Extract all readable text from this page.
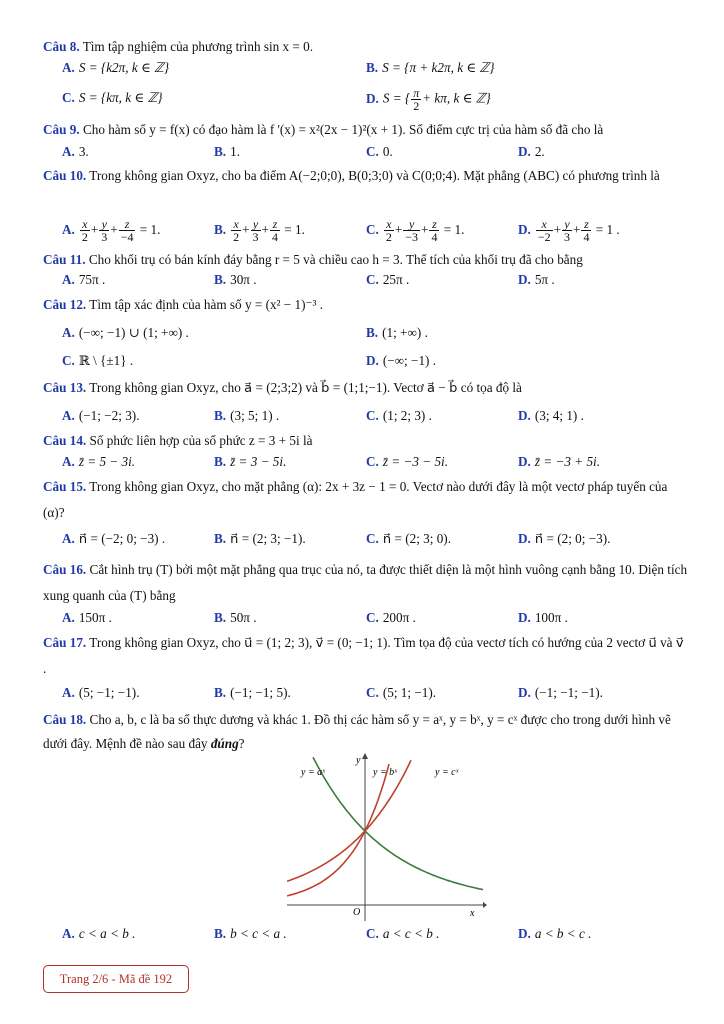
Câu 8. Tìm tập nghiệm của phương trình sin x = 0.
A. S = {k2π, k ∈ ℤ}	B. S = {π + k2π, k ∈ ℤ}
C. S = {kπ, k ∈ ℤ}	D. S = { $\frac{\pi}{2} + k\pi$, k ∈ ℤ}
Câu 9. Cho hàm số y = f(x) có đạo hàm là f '(x) = x²(2x − 1)²(x + 1). Số điểm cực trị của hàm số đã cho là
A. 3.	B. 1.	C. 0.	D. 2.
Câu 10. Trong không gian Oxyz, cho ba điểm A(−2;0;0), B(0;3;0) và C(0;0;4). Mặt phẳng (ABC) có phương trình là
A. $\frac{x}{2} + \frac{y}{3} + \frac{z}{-4} = 1$.	B. $\frac{x}{2} + \frac{y}{3} + \frac{z}{4} = 1$.	C. $\frac{x}{2} + \frac{y}{-3} + \frac{z}{4} = 1$.	D. $\frac{x}{-2} + \frac{y}{3} + \frac{z}{4} = 1$ .
Câu 11. Cho khối trụ có bán kính đáy bằng r = 5 và chiều cao h = 3. Thể tích của khối trụ đã cho bằng
A. 75π .	B. 30π .	C. 25π .	D. 5π .
Câu 12. Tìm tập xác định của hàm số y = (x² − 1)⁻³ .
A. (−∞; −1) ∪ (1; +∞) .	B. (1; +∞) .
C. ℝ \ {±1} .	D. (−∞; −1) .
Câu 13. Trong không gian Oxyz, cho a⃗ = (2;3;2) và b⃗ = (1;1;−1). Vectơ a⃗ − b⃗ có tọa độ là
A. (−1; −2; 3).	B. (3; 5; 1) .	C. (1; 2; 3) .	D. (3; 4; 1) .
Câu 14. Số phức liên hợp của số phức z = 3 + 5i là
A. z̄ = 5 − 3i.	B. z̄ = 3 − 5i.	C. z̄ = −3 − 5i.	D. z̄ = −3 + 5i.
Câu 15. Trong không gian Oxyz, cho mặt phẳng (α): 2x + 3z − 1 = 0. Vectơ nào dưới đây là một vectơ pháp tuyến của (α)?
A. n⃗ = (−2; 0; −3) .	B. n⃗ = (2; 3; −1).	C. n⃗ = (2; 3; 0).	D. n⃗ = (2; 0; −3).
Câu 16. Cắt hình trụ (T) bởi một mặt phẳng qua trục của nó, ta được thiết diện là một hình vuông cạnh bằng 10. Diện tích xung quanh của (T) bằng
A. 150π .	B. 50π .	C. 200π .	D. 100π .
Câu 17. Trong không gian Oxyz, cho u⃗ = (1; 2; 3), v⃗ = (0; −1; 1). Tìm tọa độ của vectơ tích có hướng của 2 vectơ u⃗ và v⃗ .
A. (5; −1; −1).	B. (−1; −1; 5).	C. (5; 1; −1).	D. (−1; −1; −1).
Câu 18. Cho a, b, c là ba số thực dương và khác 1. Đồ thị các hàm số y = aˣ, y = bˣ, y = cˣ được cho trong dưới hình vẽ dưới đây. Mệnh đề nào sau đây đúng?
y = aˣ	y = bˣ	y = cˣ
y
x
O
A. c < a < b .	B. b < c < a .	C. a < c < b .	D. a < b < c .
Trang 2/6 - Mã đề 192
